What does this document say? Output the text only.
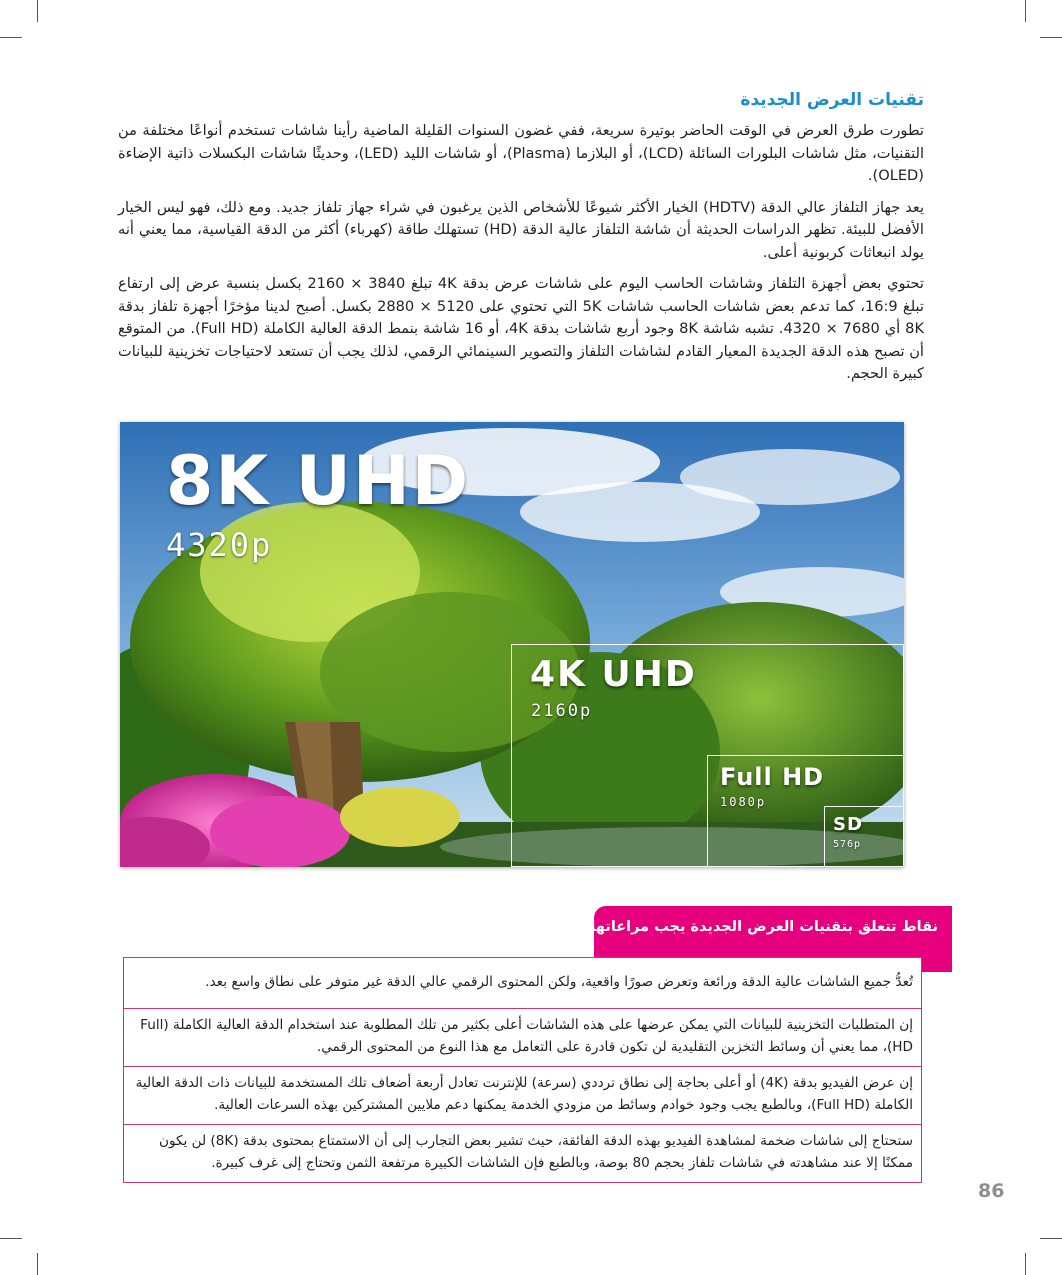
تقنيات العرض الجديدة

تطورت طرق العرض في الوقت الحاضر بوتيرة سريعة، ففي غضون السنوات القليلة الماضية رأينا شاشات تستخدم أنواعًا مختلفة من التقنيات، مثل شاشات البلورات السائلة (LCD)، أو البلازما (Plasma)، أو شاشات الليد (LED)، وحديثًا شاشات البكسلات ذاتية الإضاءة (OLED).

يعد جهاز التلفاز عالي الدقة (HDTV) الخيار الأكثر شيوعًا للأشخاص الذين يرغبون في شراء جهاز تلفاز جديد. ومع ذلك، فهو ليس الخيار الأفضل للبيئة. تظهر الدراسات الحديثة أن شاشة التلفاز عالية الدقة (HD) تستهلك طاقة (كهرباء) أكثر من الدقة القياسية، مما يعني أنه يولد انبعاثات كربونية أعلى.

تحتوي بعض أجهزة التلفاز وشاشات الحاسب اليوم على شاشات عرض بدقة 4K تبلغ 3840 × 2160 بكسل بنسبة عرض إلى ارتفاع تبلغ 16:9، كما تدعم بعض شاشات الحاسب شاشات 5K التي تحتوي على 5120 × 2880 بكسل. أصبح لدينا مؤخرًا أجهزة تلفاز بدقة 8K أي 7680 × 4320. تشبه شاشة 8K وجود أربع شاشات بدقة 4K، أو 16 شاشة بنمط الدقة العالية الكاملة (Full HD). من المتوقع أن تصبح هذه الدقة الجديدة المعيار القادم لشاشات التلفاز والتصوير السينمائي الرقمي، لذلك يجب أن تستعد لاحتياجات تخزينية للبيانات كبيرة الحجم.

8K UHD
4320p
4K UHD
2160p
Full HD
1080p
SD
576p
نقاط تتعلق بتقنيات العرض الجديدة يجب مراعاتها:
تُعدُّ جميع الشاشات عالية الدقة ورائعة وتعرض صورًا واقعية، ولكن المحتوى الرقمي عالي الدقة غير متوفر على نطاق واسع بعد.
إن المتطلبات التخزينية للبيانات التي يمكن عرضها على هذه الشاشات أعلى بكثير من تلك المطلوبة عند استخدام الدقة العالية الكاملة (Full HD)، مما يعني أن وسائط التخزين التقليدية لن تكون قادرة على التعامل مع هذا النوع من المحتوى الرقمي.
إن عرض الفيديو بدقة (4K) أو أعلى بحاجة إلى نطاق ترددي (سرعة) للإنترنت تعادل أربعة أضعاف تلك المستخدمة للبيانات ذات الدقة العالية الكاملة (Full HD)، وبالطبع يجب وجود خوادم وسائط من مزودي الخدمة يمكنها دعم ملايين المشتركين بهذه السرعات العالية.
ستحتاج إلى شاشات ضخمة لمشاهدة الفيديو بهذه الدقة الفائقة، حيث تشير بعض التجارب إلى أن الاستمتاع بمحتوى بدقة (8K) لن يكون ممكنًا إلا عند مشاهدته في شاشات تلفاز بحجم 80 بوصة، وبالطبع فإن الشاشات الكبيرة مرتفعة الثمن وتحتاج إلى غرف كبيرة.
86
